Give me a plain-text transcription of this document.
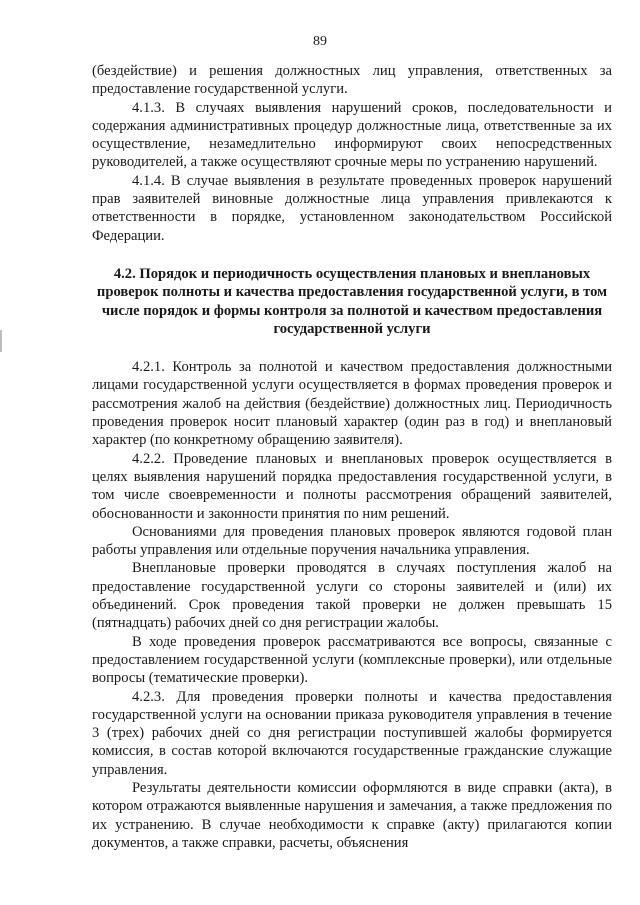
89

(бездействие) и решения должностных лиц управления, ответственных за предоставление государственной услуги.

4.1.3. В случаях выявления нарушений сроков, последовательности и содержания административных процедур должностные лица, ответственные за их осуществление, незамедлительно информируют своих непосредственных руководителей, а также осуществляют срочные меры по устранению нарушений.

4.1.4. В случае выявления в результате проведенных проверок нарушений прав заявителей виновные должностные лица управления привлекаются к ответственности в порядке, установленном законодательством Российской Федерации.

4.2. Порядок и периодичность осуществления плановых и внеплановых проверок полноты и качества предоставления государственной услуги, в том числе порядок и формы контроля за полнотой и качеством предоставления государственной услуги

4.2.1. Контроль за полнотой и качеством предоставления должностными лицами государственной услуги осуществляется в формах проведения проверок и рассмотрения жалоб на действия (бездействие) должностных лиц. Периодичность проведения проверок носит плановый характер (один раз в год) и внеплановый характер (по конкретному обращению заявителя).

4.2.2. Проведение плановых и внеплановых проверок осуществляется в целях выявления нарушений порядка предоставления государственной услуги, в том числе своевременности и полноты рассмотрения обращений заявителей, обоснованности и законности принятия по ним решений.

Основаниями для проведения плановых проверок являются годовой план работы управления или отдельные поручения начальника управления.

Внеплановые проверки проводятся в случаях поступления жалоб на предоставление государственной услуги со стороны заявителей и (или) их объединений. Срок проведения такой проверки не должен превышать 15 (пятнадцать) рабочих дней со дня регистрации жалобы.

В ходе проведения проверок рассматриваются все вопросы, связанные с предоставлением государственной услуги (комплексные проверки), или отдельные вопросы (тематические проверки).

4.2.3. Для проведения проверки полноты и качества предоставления государственной услуги на основании приказа руководителя управления в течение 3 (трех) рабочих дней со дня регистрации поступившей жалобы формируется комиссия, в состав которой включаются государственные гражданские служащие управления.

Результаты деятельности комиссии оформляются в виде справки (акта), в котором отражаются выявленные нарушения и замечания, а также предложения по их устранению. В случае необходимости к справке (акту) прилагаются копии документов, а также справки, расчеты, объяснения
